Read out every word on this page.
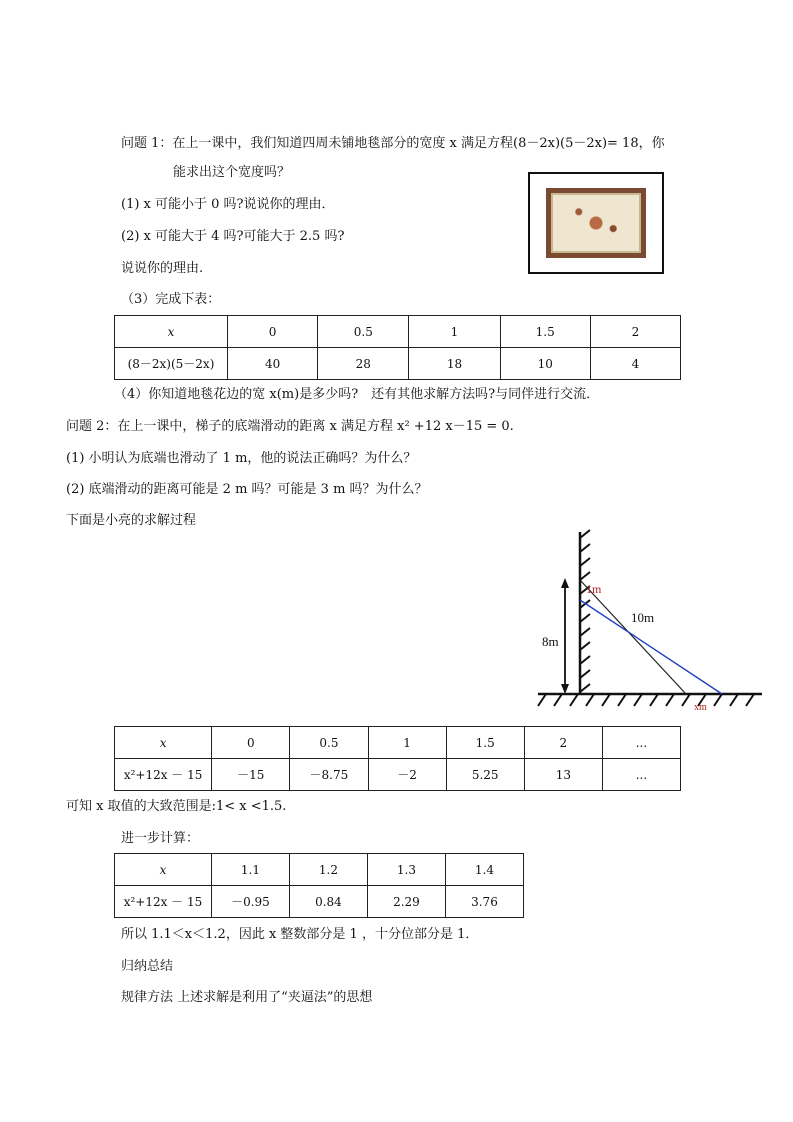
问题 1：在上一课中，我们知道四周未铺地毯部分的宽度 x 满足方程(8－2x)(5－2x)= 18，你
能求出这个宽度吗？
(1) x 可能小于 0 吗?说说你的理由．
(2) x 可能大于 4 吗?可能大于 2.5 吗?
说说你的理由.
（3）完成下表：
x	0	0.5	1	1.5	2
(8－2x)(5－2x)	40	28	18	10	4
（4）你知道地毯花边的宽 x(m)是多少吗?　还有其他求解方法吗?与同伴进行交流．
问题 2：在上一课中，梯子的底端滑动的距离 x 满足方程 x² +12 x－15 = 0.
(1) 小明认为底端也滑动了 1 m，他的说法正确吗？为什么？
(2) 底端滑动的距离可能是 2 m 吗？可能是 3 m 吗？为什么？
下面是小亮的求解过程
1m
10m
8m
xm
x	0	0.5	1	1.5	2	...
x²+12x － 15	－15	－8.75	－2	5.25	13	...
可知 x 取值的大致范围是:1< x <1.5.
进一步计算：
x	1.1	1.2	1.3	1.4
x²+12x － 15	－0.95	0.84	2.29	3.76
所以 1.1＜x＜1.2，因此 x 整数部分是 1 ，十分位部分是 1．
归纳总结
规律方法 上述求解是利用了“夹逼法”的思想
